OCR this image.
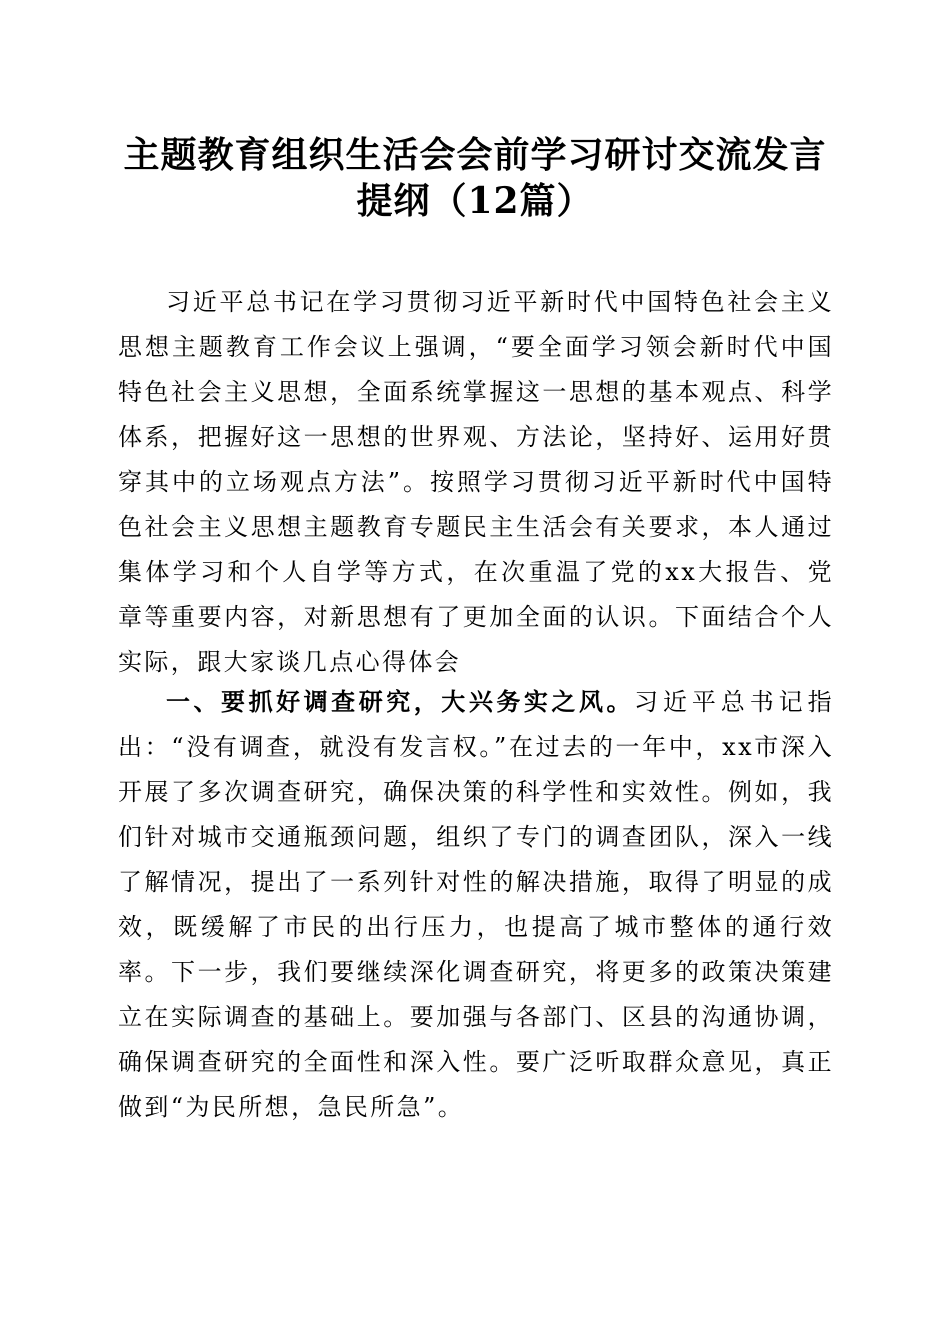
主题教育组织生活会会前学习研讨交流发言提纲（12篇）

习近平总书记在学习贯彻习近平新时代中国特色社会主义思想主题教育工作会议上强调，“要全面学习领会新时代中国特色社会主义思想，全面系统掌握这一思想的基本观点、科学体系，把握好这一思想的世界观、方法论，坚持好、运用好贯穿其中的立场观点方法”。按照学习贯彻习近平新时代中国特色社会主义思想主题教育专题民主生活会有关要求，本人通过集体学习和个人自学等方式，在次重温了党的xx大报告、党章等重要内容，对新思想有了更加全面的认识。下面结合个人实际，跟大家谈几点心得体会

一、要抓好调查研究，大兴务实之风。习近平总书记指出：“没有调查，就没有发言权。”在过去的一年中，xx市深入开展了多次调查研究，确保决策的科学性和实效性。例如，我们针对城市交通瓶颈问题，组织了专门的调查团队，深入一线了解情况，提出了一系列针对性的解决措施，取得了明显的成效，既缓解了市民的出行压力，也提高了城市整体的通行效率。下一步，我们要继续深化调查研究，将更多的政策决策建立在实际调查的基础上。要加强与各部门、区县的沟通协调，确保调查研究的全面性和深入性。要广泛听取群众意见，真正做到“为民所想，急民所急”。
